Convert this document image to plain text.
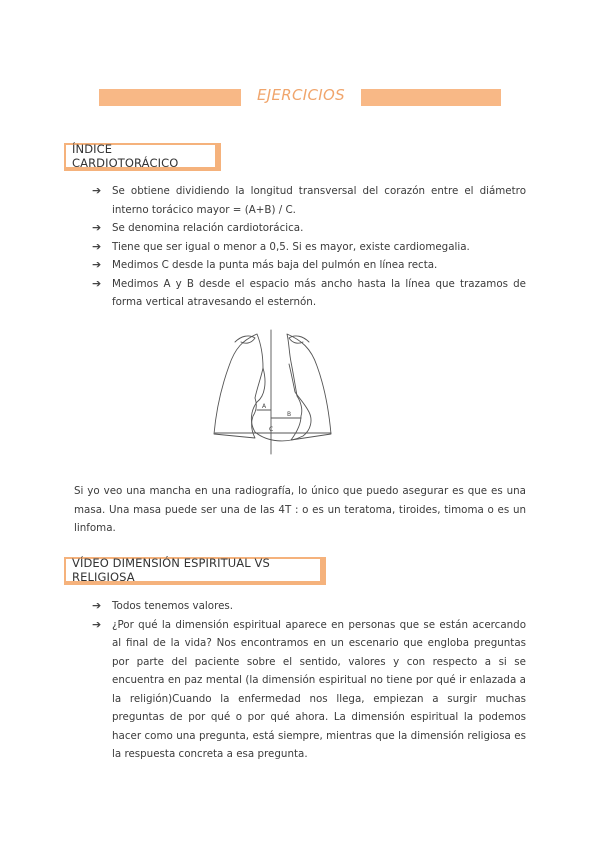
EJERCICIOS
ÍNDICE CARDIOTORÁCICO
➔ Se obtiene dividiendo la longitud transversal del corazón entre el diámetro interno torácico mayor = (A+B) / C.
➔ Se denomina relación cardiotorácica.
➔ Tiene que ser igual o menor a 0,5. Si es mayor, existe cardiomegalia.
➔ Medimos C desde la punta más baja del pulmón en línea recta.
➔ Medimos A y B desde el espacio más ancho hasta la línea que trazamos de forma vertical atravesando el esternón.
A
B
C

Si yo veo una mancha en una radiografía, lo único que puedo asegurar es que es una masa. Una masa puede ser una de las 4T : o es un teratoma, tiroides, timoma o es un linfoma.

VÍDEO DIMENSIÓN ESPIRITUAL VS RELIGIOSA
➔ Todos tenemos valores.
➔ ¿Por qué la dimensión espiritual aparece en personas que se están acercando al final de la vida? Nos encontramos en un escenario que engloba preguntas por parte del paciente sobre el sentido, valores y con respecto a si se encuentra en paz mental (la dimensión espiritual no tiene por qué ir enlazada a la religión)Cuando la enfermedad nos llega, empiezan a surgir muchas preguntas de por qué o por qué ahora. La dimensión espiritual la podemos hacer como una pregunta, está siempre, mientras que la dimensión religiosa es la respuesta concreta a esa pregunta.
